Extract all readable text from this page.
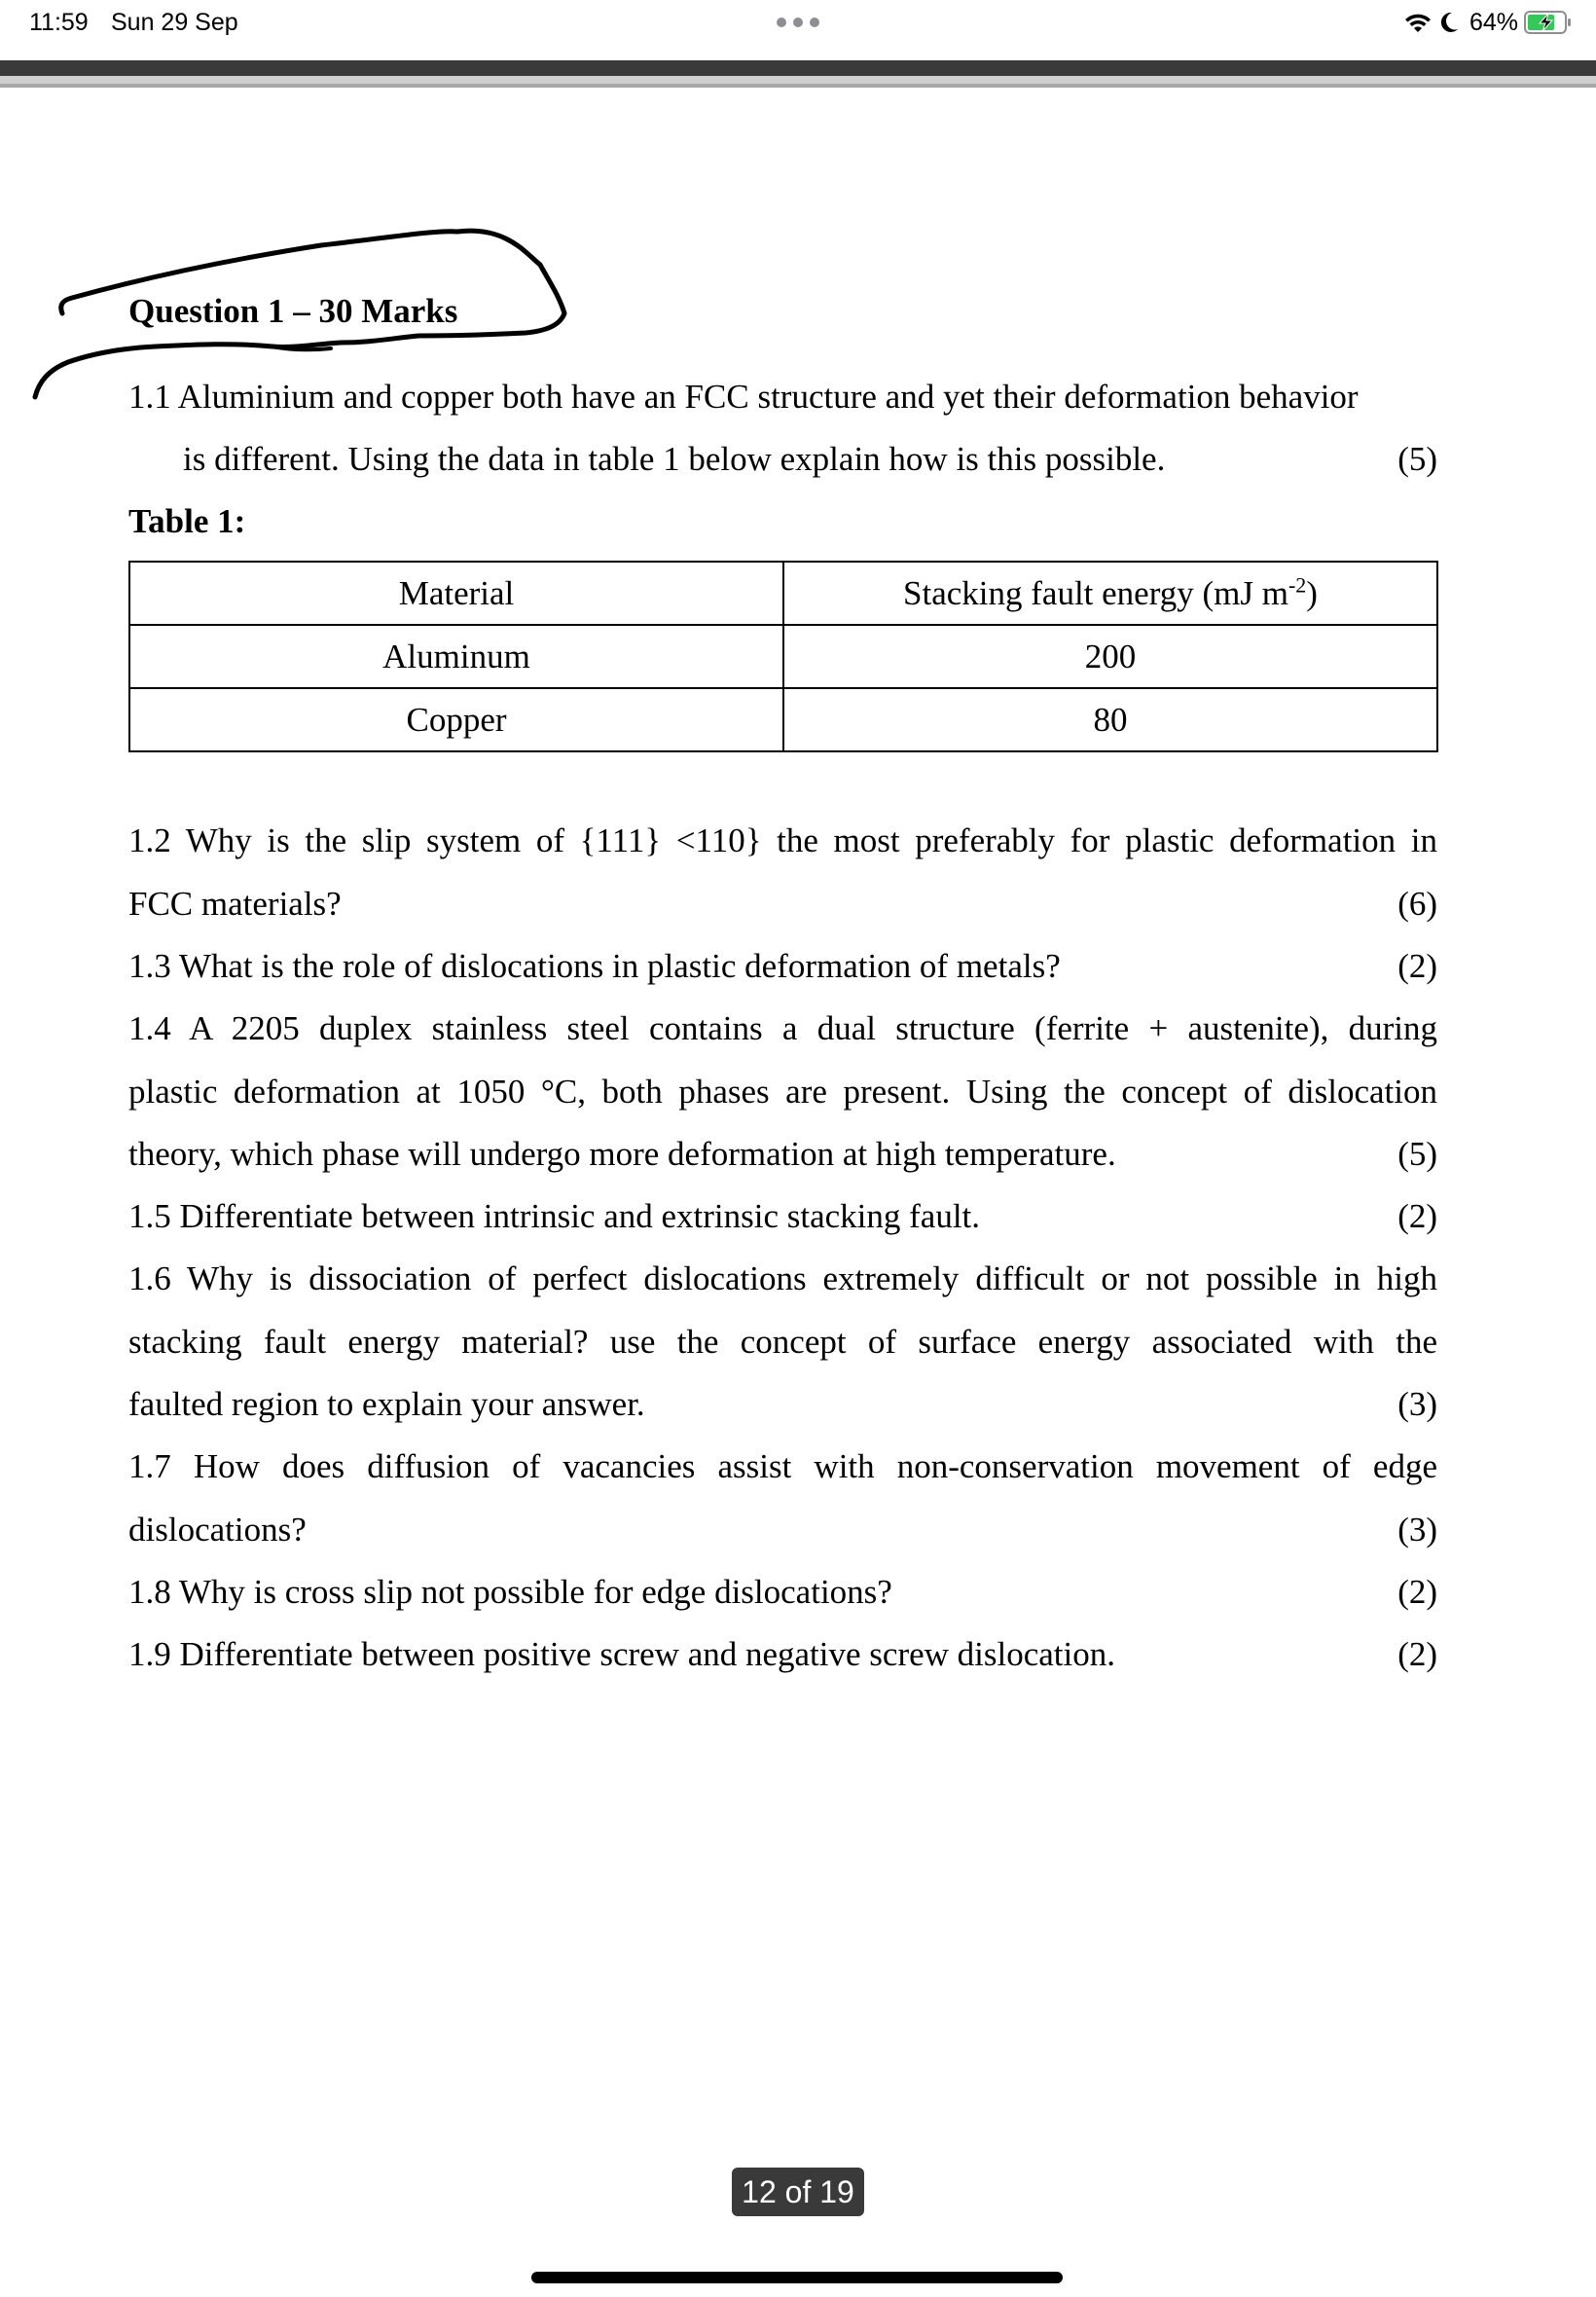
11:59 Sun 29 Sep	64%
Question 1 – 30 Marks
1.1 Aluminium and copper both have an FCC structure and yet their deformation behavior
is different. Using the data in table 1 below explain how is this possible.	(5)
Table 1:
Material	Stacking fault energy (mJ $m^{-2}$)
Aluminum	200
Copper	80
1.2 Why is the slip system of {111} <110} the most preferably for plastic deformation in
FCC materials?	(6)
1.3 What is the role of dislocations in plastic deformation of metals?	(2)
1.4 A 2205 duplex stainless steel contains a dual structure (ferrite + austenite), during
plastic deformation at 1050 °C, both phases are present. Using the concept of dislocation
theory, which phase will undergo more deformation at high temperature.	(5)
1.5 Differentiate between intrinsic and extrinsic stacking fault.	(2)
1.6 Why is dissociation of perfect dislocations extremely difficult or not possible in high
stacking fault energy material? use the concept of surface energy associated with the
faulted region to explain your answer.	(3)
1.7 How does diffusion of vacancies assist with non-conservation movement of edge
dislocations?	(3)
1.8 Why is cross slip not possible for edge dislocations?	(2)
1.9 Differentiate between positive screw and negative screw dislocation.	(2)
12 of 19
